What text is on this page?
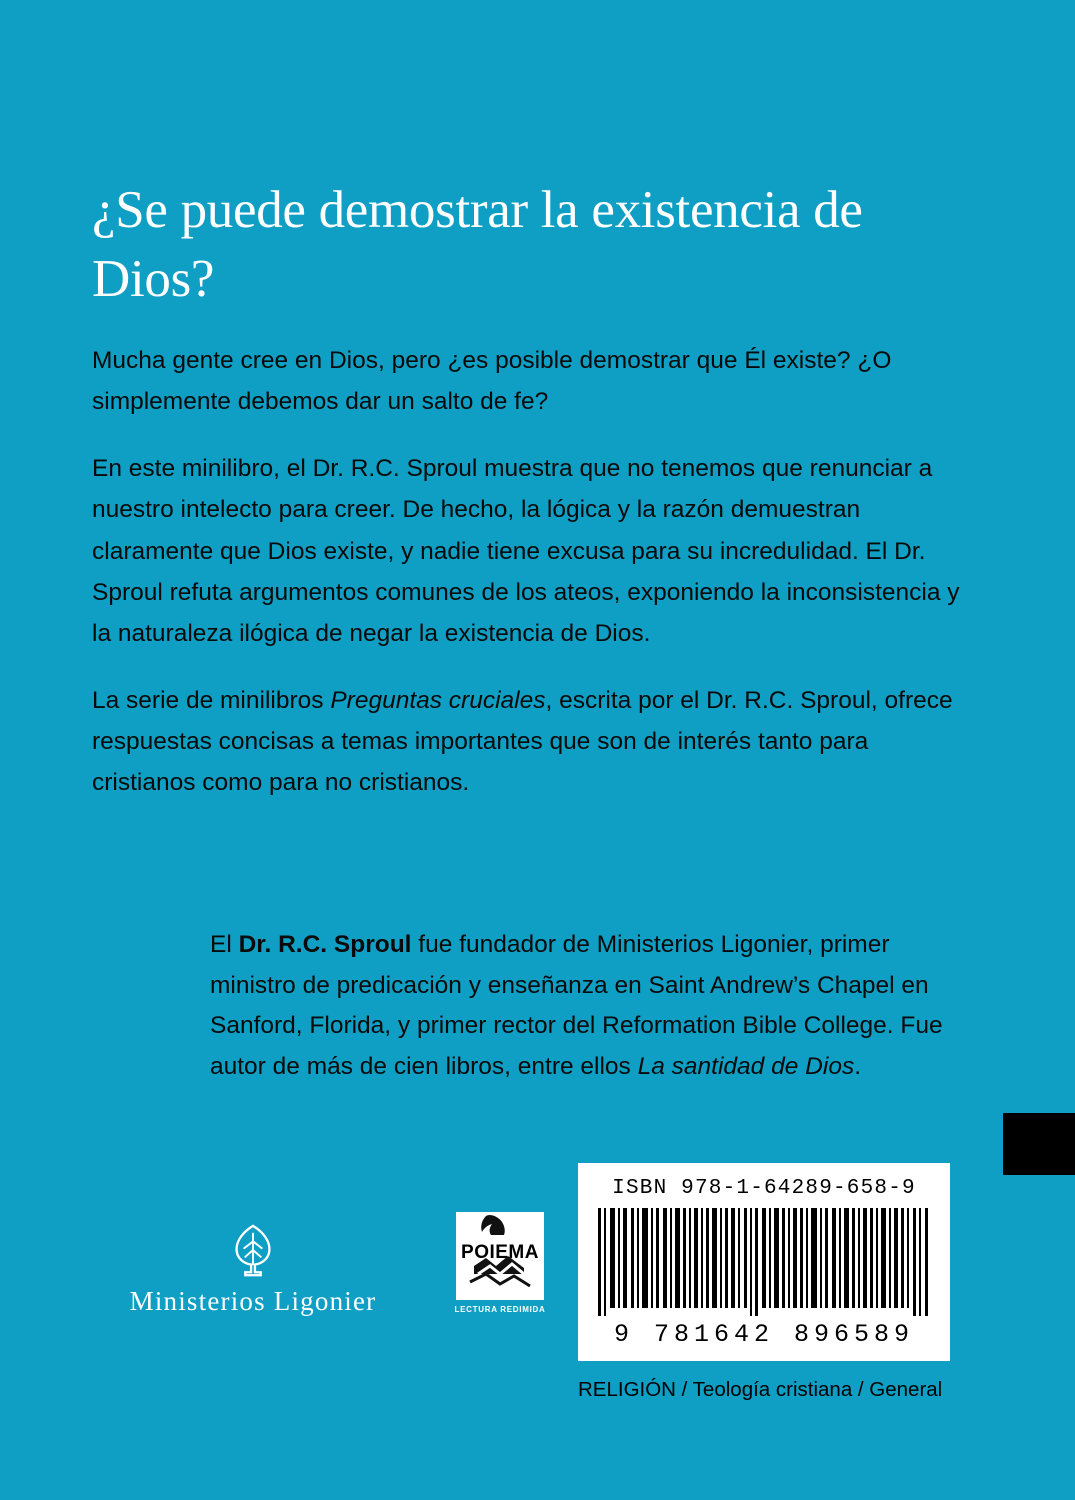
¿Se puede demostrar la existencia de Dios?

Mucha gente cree en Dios, pero ¿es posible demostrar que Él existe? ¿O simplemente debemos dar un salto de fe?

En este minilibro, el Dr. R.C. Sproul muestra que no tenemos que renunciar a nuestro intelecto para creer. De hecho, la lógica y la razón demuestran claramente que Dios existe, y nadie tiene excusa para su incredulidad. El Dr. Sproul refuta argumentos comunes de los ateos, exponiendo la inconsistencia y la naturaleza ilógica de negar la existencia de Dios.

La serie de minilibros Preguntas cruciales, escrita por el Dr. R.C. Sproul, ofrece respuestas concisas a temas importantes que son de interés tanto para cristianos como para no cristianos.

El Dr. R.C. Sproul fue fundador de Ministerios Ligonier, primer ministro de predicación y enseñanza en Saint Andrew’s Chapel en Sanford, Florida, y primer rector del Reformation Bible College. Fue autor de más de cien libros, entre ellos La santidad de Dios.
Ministerios Ligonier
POIEMA
LECTURA REDIMIDA
ISBN 978-1-64289-658-9
9 781642 896589
RELIGIÓN / Teología cristiana / General
